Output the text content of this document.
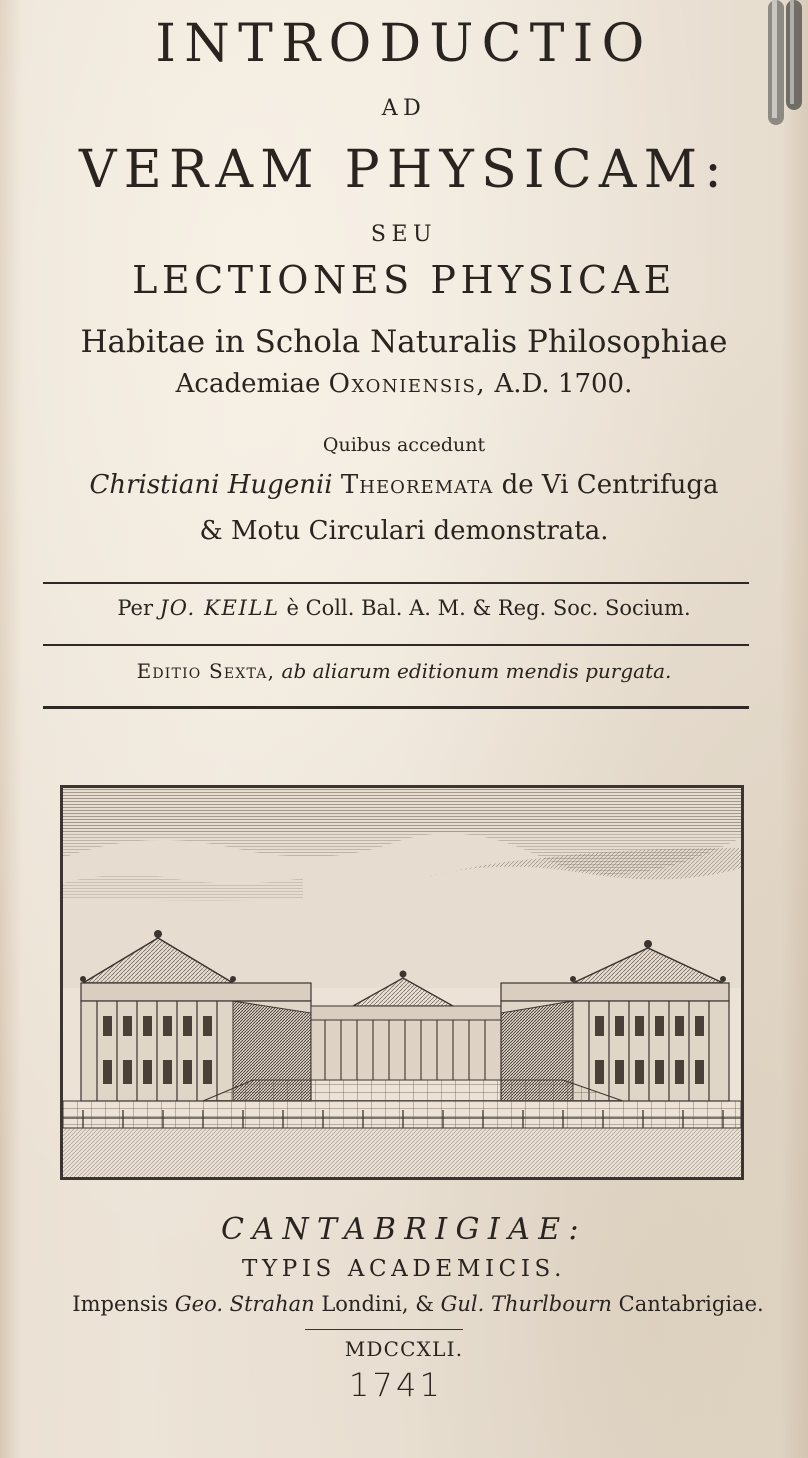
INTRODUCTIO
AD
VERAM PHYSICAM:
SEU
LECTIONES PHYSICAE
Habitae in Schola Naturalis Philosophiae
Academiae Oxoniensis, A.D. 1700.
Quibus accedunt
Christiani Hugenii Theoremata de Vi Centrifuga
& Motu Circulari demonstrata.
Per JO. KEILL è Coll. Bal. A. M. & Reg. Soc. Socium.
Editio Sexta, ab aliarum editionum mendis purgata.
CANTABRIGIAE:
TYPIS ACADEMICIS.
Impensis Geo. Strahan Londini, & Gul. Thurlbourn Cantabrigiae.
MDCCXLI.
1741
